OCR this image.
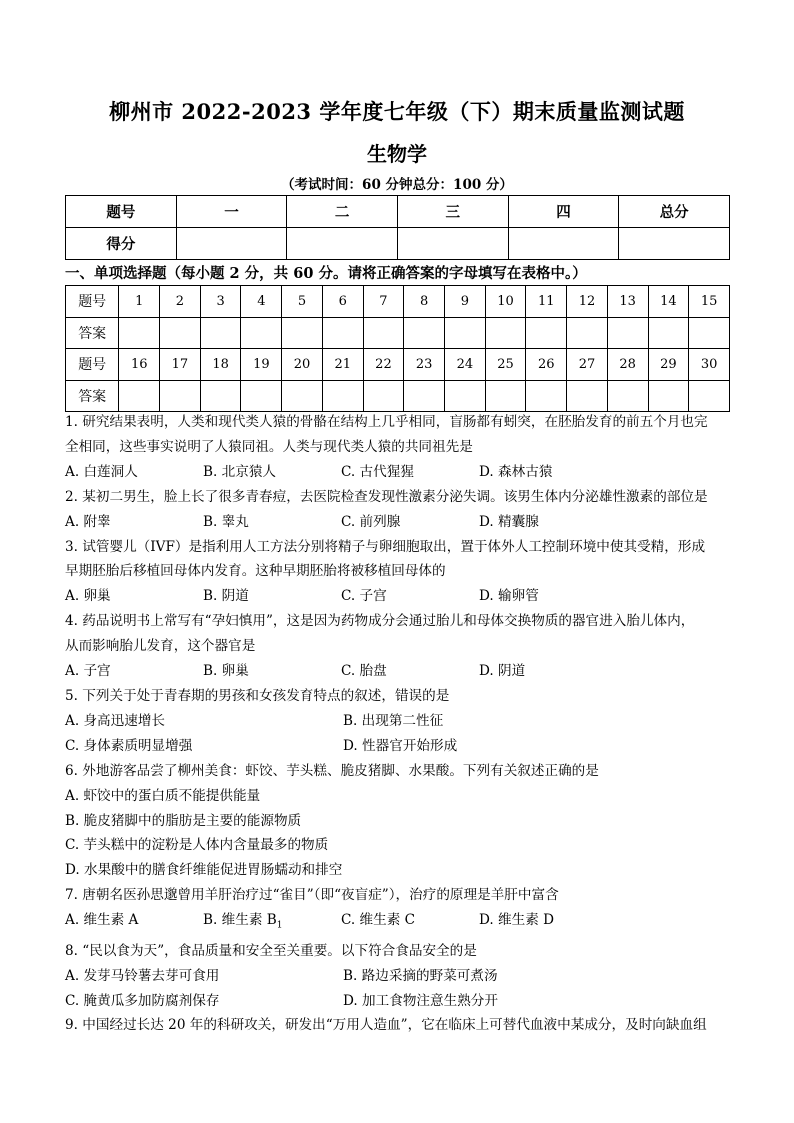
柳州市 2022-2023 学年度七年级（下）期末质量监测试题
生物学
（考试时间：60 分钟总分：100 分）
题号	一	二	三	四	总分
得分					
一、单项选择题（每小题 2 分，共 60 分。请将正确答案的字母填写在表格中。）
题号	1	2	3	4	5	6	7	8	9	10	11	12	13	14	15
答案															
题号	16	17	18	19	20	21	22	23	24	25	26	27	28	29	30
答案															
1. 研究结果表明，人类和现代类人猿的骨骼在结构上几乎相同，盲肠都有蚓突，在胚胎发育的前五个月也完
全相同，这些事实说明了人猿同祖。人类与现代类人猿的共同祖先是
A. 白莲洞人	B. 北京猿人	C. 古代猩猩	D. 森林古猿
2. 某初二男生，脸上长了很多青春痘，去医院检查发现性激素分泌失调。该男生体内分泌雄性激素的部位是
A. 附睾	B. 睾丸	C. 前列腺	D. 精囊腺
3. 试管婴儿（IVF）是指利用人工方法分别将精子与卵细胞取出，置于体外人工控制环境中使其受精，形成
早期胚胎后移植回母体内发育。这种早期胚胎将被移植回母体的
A. 卵巢	B. 阴道	C. 子宫	D. 输卵管
4. 药品说明书上常写有“孕妇慎用”，这是因为药物成分会通过胎儿和母体交换物质的器官进入胎儿体内，
从而影响胎儿发育，这个器官是
A. 子宫	B. 卵巢	C. 胎盘	D. 阴道
5. 下列关于处于青春期的男孩和女孩发育特点的叙述，错误的是
A. 身高迅速增长	B. 出现第二性征
C. 身体素质明显增强	D. 性器官开始形成
6. 外地游客品尝了柳州美食：虾饺、芋头糕、脆皮猪脚、水果酸。下列有关叙述正确的是
A. 虾饺中的蛋白质不能提供能量
B. 脆皮猪脚中的脂肪是主要的能源物质
C. 芋头糕中的淀粉是人体内含量最多的物质
D. 水果酸中的膳食纤维能促进胃肠蠕动和排空
7. 唐朝名医孙思邈曾用羊肝治疗过“雀目”（即“夜盲症”），治疗的原理是羊肝中富含
A. 维生素 A	B. 维生素 $B_1$	C. 维生素 C	D. 维生素 D
8. “民以食为天”，食品质量和安全至关重要。以下符合食品安全的是
A. 发芽马铃薯去芽可食用	B. 路边采摘的野菜可煮汤
C. 腌黄瓜多加防腐剂保存	D. 加工食物注意生熟分开
9. 中国经过长达 20 年的科研攻关，研发出“万用人造血”，它在临床上可替代血液中某成分，及时向缺血组
